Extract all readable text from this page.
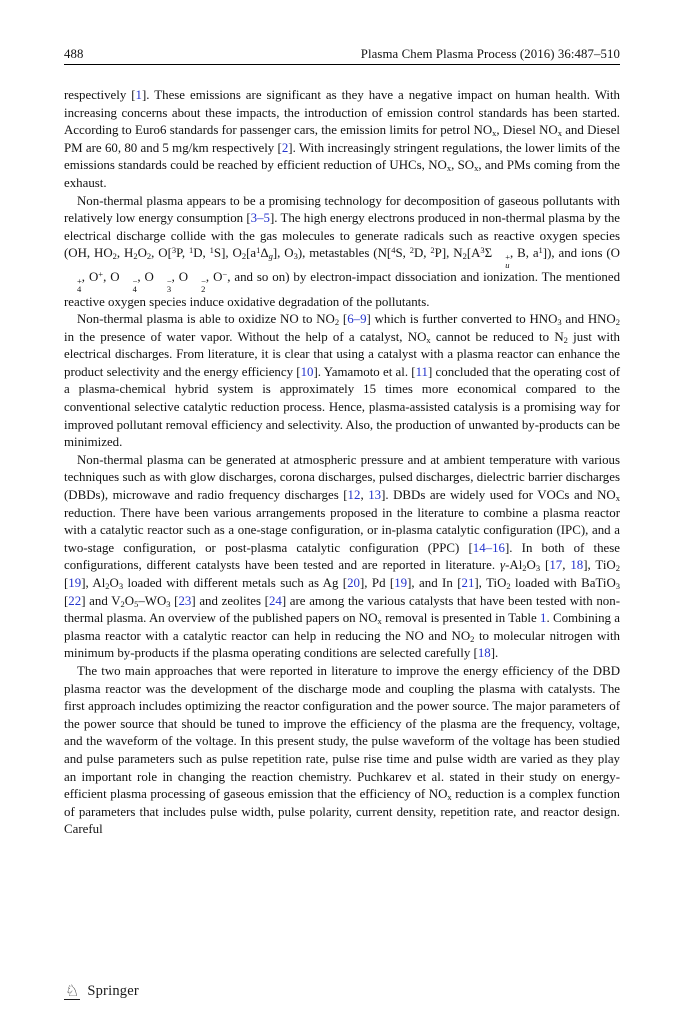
488	Plasma Chem Plasma Process (2016) 36:487–510

respectively [1]. These emissions are significant as they have a negative impact on human health. With increasing concerns about these impacts, the introduction of emission control standards has been started. According to Euro6 standards for passenger cars, the emission limits for petrol $NO_x$, Diesel $NO_x$ and Diesel PM are 60, 80 and 5 mg/km respectively [2]. With increasingly stringent regulations, the lower limits of the emissions standards could be reached by efficient reduction of UHCs, $NO_x$, $SO_x$, and PMs coming from the exhaust.

Non-thermal plasma appears to be a promising technology for decomposition of gaseous pollutants with relatively low energy consumption [3–5]. The high energy electrons produced in non-thermal plasma by the electrical discharge collide with the gas molecules to generate radicals such as reactive oxygen species (OH, $HO_2$, $H_2O_2$, O[$^3$P, $^1$D, $^1$S], $O_2[a^1\Delta_g]$, $O_3$), metastables (N[$^4$S, $^2$D, $^2$P], $N_2[A^3\Sigma$	+
u
, B, $a^1$]), and ions (O
+
4
, O+, O	−
4
, O	−
3
, O	−
2
, O−, and so on) by electron-impact dissociation and ionization. The mentioned reactive oxygen species induce oxidative degradation of the pollutants.

Non-thermal plasma is able to oxidize NO to $NO_2$ [6–9] which is further converted to $HNO_3$ and $HNO_2$ in the presence of water vapor. Without the help of a catalyst, $NO_x$ cannot be reduced to $N_2$ just with electrical discharges. From literature, it is clear that using a catalyst with a plasma reactor can enhance the product selectivity and the energy efficiency [10]. Yamamoto et al. [11] concluded that the operating cost of a plasma-chemical hybrid system is approximately 15 times more economical compared to the conventional selective catalytic reduction process. Hence, plasma-assisted catalysis is a promising way for improved pollutant removal efficiency and selectivity. Also, the production of unwanted by-products can be minimized.

Non-thermal plasma can be generated at atmospheric pressure and at ambient temperature with various techniques such as with glow discharges, corona discharges, pulsed discharges, dielectric barrier discharges (DBDs), microwave and radio frequency discharges [12, 13]. DBDs are widely used for VOCs and $NO_x$ reduction. There have been various arrangements proposed in the literature to combine a plasma reactor with a catalytic reactor such as a one-stage configuration, or in-plasma catalytic configuration (IPC), and a two-stage configuration, or post-plasma catalytic configuration (PPC) [14–16]. In both of these configurations, different catalysts have been tested and are reported in literature. $\gamma-Al_2O_3$ [17, 18], TiO$_2$ [19], $Al_2O_3$ loaded with different metals such as Ag [20], Pd [19], and In [21], TiO$_2$ loaded with BaTiO$_3$ [22] and $V_2O_5-WO_3$ [23] and zeolites [24] are among the various catalysts that have been tested with non-thermal plasma. An overview of the published papers on $NO_x$ removal is presented in Table 1. Combining a plasma reactor with a catalytic reactor can help in reducing the NO and $NO_2$ to molecular nitrogen with minimum by-products if the plasma operating conditions are selected carefully [18].

The two main approaches that were reported in literature to improve the energy efficiency of the DBD plasma reactor was the development of the discharge mode and coupling the plasma with catalysts. The first approach includes optimizing the reactor configuration and the power source. The major parameters of the power source that should be tuned to improve the efficiency of the plasma are the frequency, voltage, and the waveform of the voltage. In this present study, the pulse waveform of the voltage has been studied and pulse parameters such as pulse repetition rate, pulse rise time and pulse width are varied as they play an important role in changing the reaction chemistry. Puchkarev et al. stated in their study on energy-efficient plasma processing of gaseous emission that the efficiency of $NO_x$ reduction is a complex function of parameters that includes pulse width, pulse polarity, current density, repetition rate, and reactor design. Careful

♘ Springer
